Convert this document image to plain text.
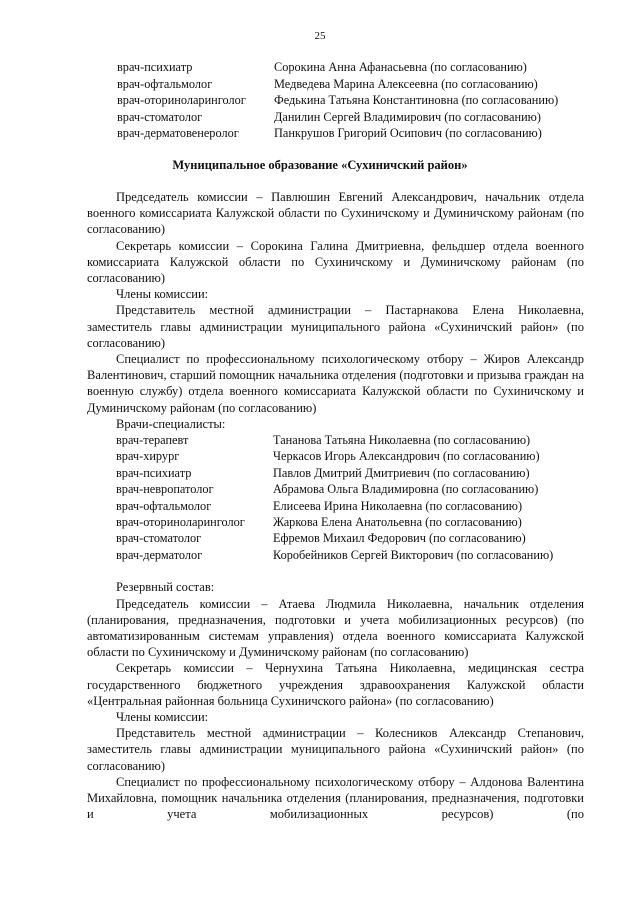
25
врач-психиатр	Сорокина Анна Афанасьевна (по согласованию)
врач-офтальмолог	Медведева Марина Алексеевна (по согласованию)
врач-оториноларинголог	Федькина Татьяна Константиновна (по согласованию)
врач-стоматолог	Данилин Сергей Владимирович (по согласованию)
врач-дерматовенеролог	Панкрушов Григорий Осипович (по согласованию)
Муниципальное образование «Сухиничский район»

Председатель комиссии – Павлюшин Евгений Александрович, начальник отдела военного комиссариата Калужской области по Сухиничскому и Думиничскому районам (по согласованию)

Секретарь комиссии – Сорокина Галина Дмитриевна, фельдшер отдела военного комиссариата Калужской области по Сухиничскому и Думиничскому районам (по согласованию)

Члены комиссии:

Представитель местной администрации – Пастарнакова Елена Николаевна, заместитель главы администрации муниципального района «Сухиничский район» (по согласованию)

Специалист по профессиональному психологическому отбору – Жиров Александр Валентинович, старший помощник начальника отделения (подготовки и призыва граждан на военную службу) отдела военного комиссариата Калужской области по Сухиничскому и Думиничскому районам (по согласованию)

Врачи-специалисты:

врач-терапевт	Тананова Татьяна Николаевна (по согласованию)
врач-хирург	Черкасов Игорь Александрович (по согласованию)
врач-психиатр	Павлов Дмитрий Дмитриевич (по согласованию)
врач-невропатолог	Абрамова Ольга Владимировна (по согласованию)
врач-офтальмолог	Елисеева Ирина Николаевна (по согласованию)
врач-оториноларинголог	Жаркова Елена Анатольевна (по согласованию)
врач-стоматолог	Ефремов Михаил Федорович (по согласованию)
врач-дерматолог	Коробейников Сергей Викторович (по согласованию)

Резервный состав:

Председатель комиссии – Атаева Людмила Николаевна, начальник отделения (планирования, предназначения, подготовки и учета мобилизационных ресурсов) (по автоматизированным системам управления) отдела военного комиссариата Калужской области по Сухиничскому и Думиничскому районам (по согласованию)

Секретарь комиссии – Чернухина Татьяна Николаевна, медицинская сестра государственного бюджетного учреждения здравоохранения Калужской области «Центральная районная больница Сухиничского района» (по согласованию)

Члены комиссии:

Представитель местной администрации – Колесников Александр Степанович, заместитель главы администрации муниципального района «Сухиничский район» (по согласованию)

Специалист по профессиональному психологическому отбору – Алдонова Валентина Михайловна, помощник начальника отделения (планирования, предназначения, подготовки и учета мобилизационных ресурсов) (по
